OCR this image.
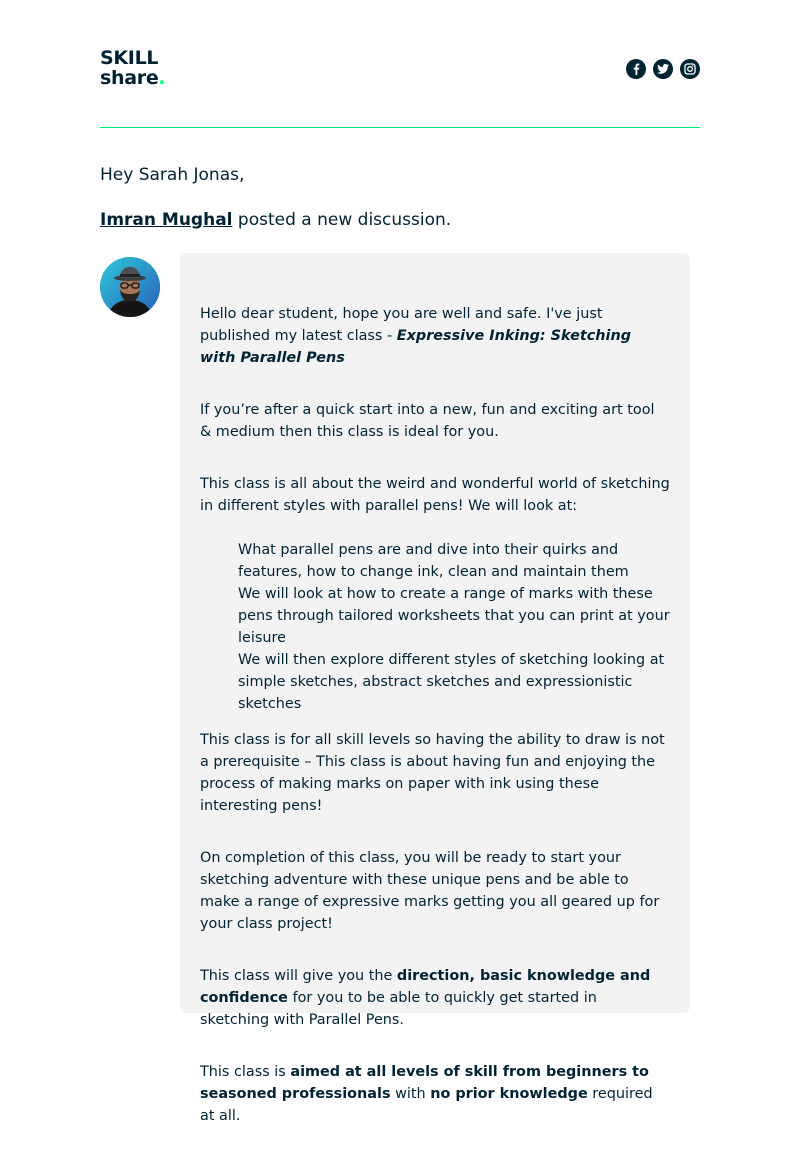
SKILL
share.
Hey Sarah Jonas,
Imran Mughal posted a new discussion.

Hello dear student, hope you are well and safe. I've just published my latest class - Expressive Inking: Sketching with Parallel Pens

If you’re after a quick start into a new, fun and exciting art tool & medium then this class is ideal for you.

This class is all about the weird and wonderful world of sketching in different styles with parallel pens! We will look at:

What parallel pens are and dive into their quirks and features, how to change ink, clean and maintain them
We will look at how to create a range of marks with these pens through tailored worksheets that you can print at your leisure
We will then explore different styles of sketching looking at simple sketches, abstract sketches and expressionistic sketches

This class is for all skill levels so having the ability to draw is not a prerequisite – This class is about having fun and enjoying the process of making marks on paper with ink using these interesting pens!

On completion of this class, you will be ready to start your sketching adventure with these unique pens and be able to make a range of expressive marks getting you all geared up for your class project!

This class will give you the direction, basic knowledge and confidence for you to be able to quickly get started in sketching with Parallel Pens.

This class is aimed at all levels of skill from beginners to seasoned professionals with no prior knowledge required at all.
